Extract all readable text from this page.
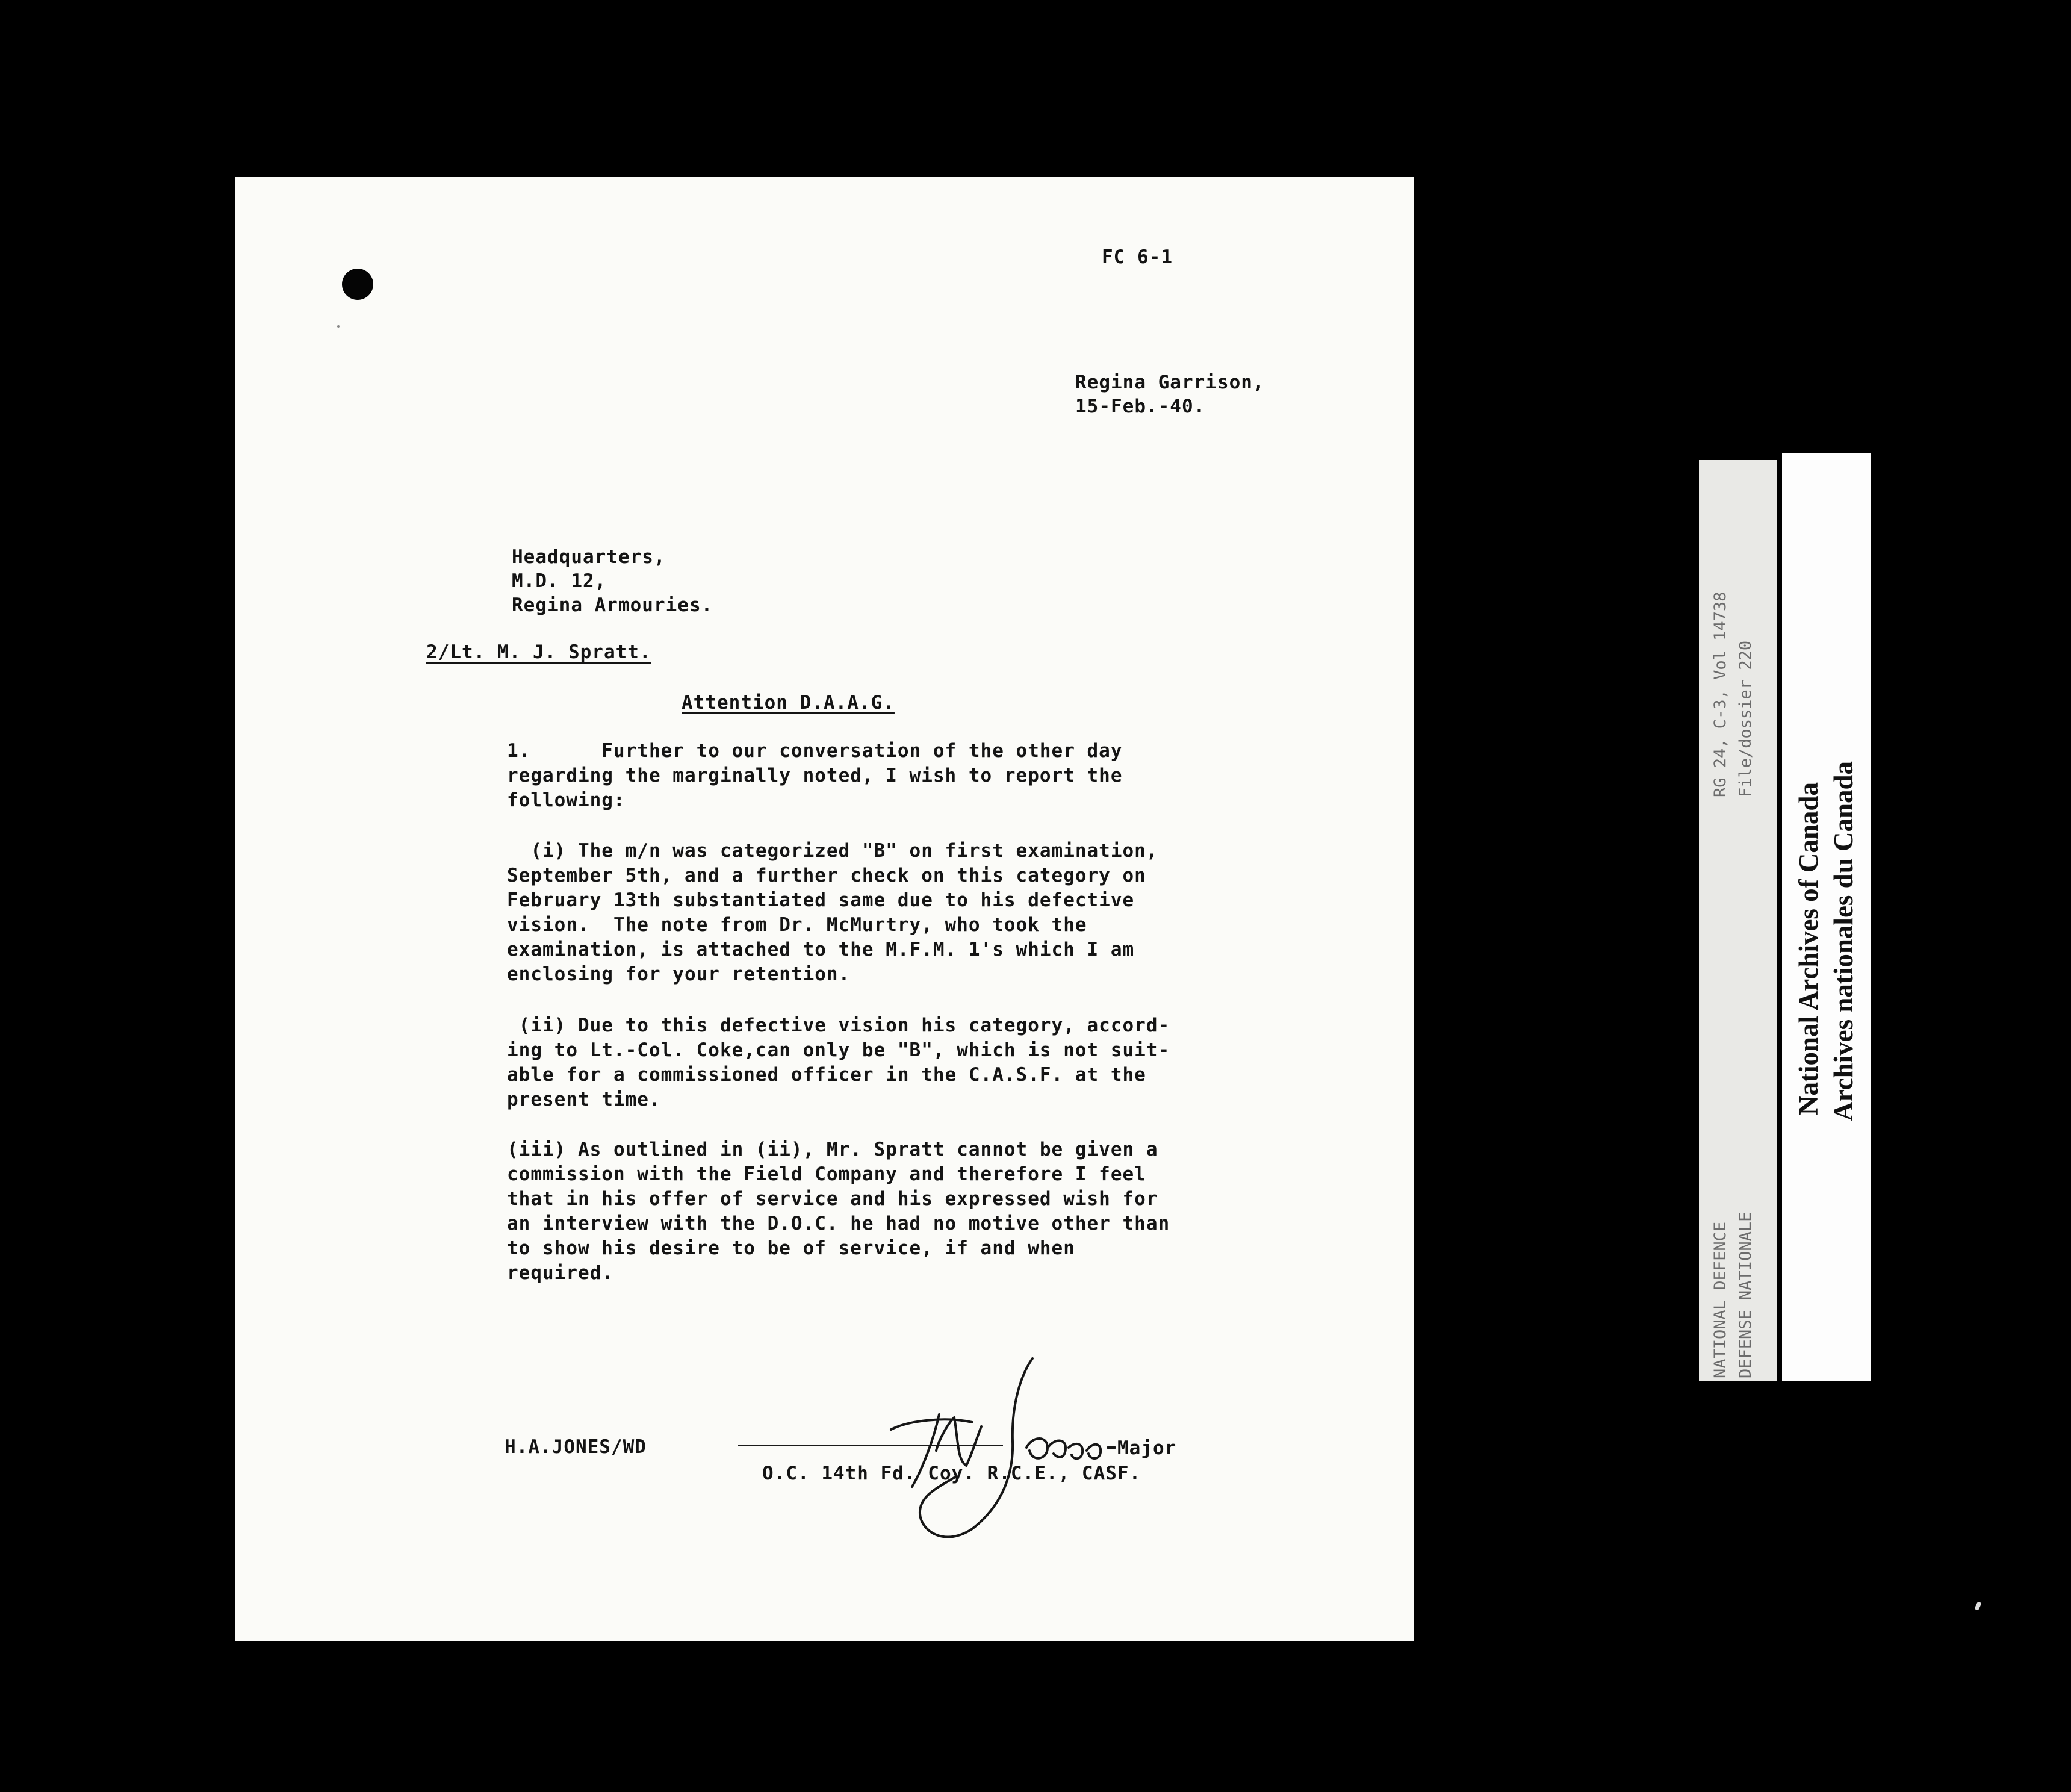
FC 6-1
Regina Garrison,
15-Feb.-40.
Headquarters,
M.D. 12,
Regina Armouries.
2/Lt. M. J. Spratt.
Attention D.A.A.G.
1.      Further to our conversation of the other day
regarding the marginally noted, I wish to report the
following:
(i) The m/n was categorized "B" on first examination,
September 5th, and a further check on this category on
February 13th substantiated same due to his defective
vision.  The note from Dr. McMurtry, who took the
examination, is attached to the M.F.M. 1's which I am
enclosing for your retention.
(ii) Due to this defective vision his category, accord-
ing to Lt.-Col. Coke,can only be "B", which is not suit-
able for a commissioned officer in the C.A.S.F. at the
present time.
(iii) As outlined in (ii), Mr. Spratt cannot be given a
commission with the Field Company and therefore I feel
that in his offer of service and his expressed wish for
an interview with the D.O.C. he had no motive other than
to show his desire to be of service, if and when
required.
H.A.JONES/WD	Major
O.C. 14th Fd. Coy. R.C.E., CASF.
RG 24, C-3, Vol 14738 File/dossier 220
NATIONAL DEFENCE DEFENSE NATIONALE
National Archives of Canada Archives nationales du Canada
